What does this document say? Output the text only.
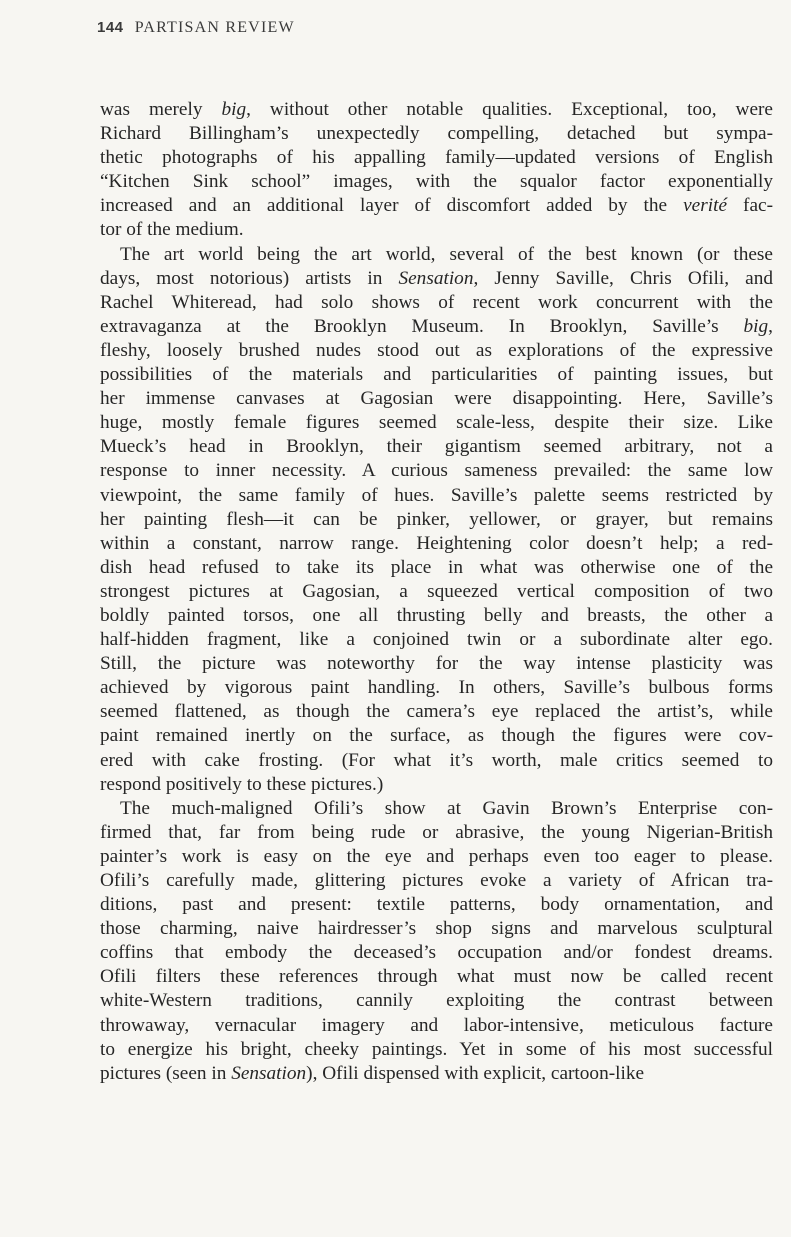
144 PARTISAN REVIEW
was merely big, without other notable qualities. Exceptional, too, were
Richard Billingham’s unexpectedly compelling, detached but sympa-
thetic photographs of his appalling family—updated versions of English
“Kitchen Sink school” images, with the squalor factor exponentially
increased and an additional layer of discomfort added by the verité fac-
tor of the medium.
The art world being the art world, several of the best known (or these
days, most notorious) artists in Sensation, Jenny Saville, Chris Ofili, and
Rachel Whiteread, had solo shows of recent work concurrent with the
extravaganza at the Brooklyn Museum. In Brooklyn, Saville’s big,
fleshy, loosely brushed nudes stood out as explorations of the expressive
possibilities of the materials and particularities of painting issues, but
her immense canvases at Gagosian were disappointing. Here, Saville’s
huge, mostly female figures seemed scale-less, despite their size. Like
Mueck’s head in Brooklyn, their gigantism seemed arbitrary, not a
response to inner necessity. A curious sameness prevailed: the same low
viewpoint, the same family of hues. Saville’s palette seems restricted by
her painting flesh—it can be pinker, yellower, or grayer, but remains
within a constant, narrow range. Heightening color doesn’t help; a red-
dish head refused to take its place in what was otherwise one of the
strongest pictures at Gagosian, a squeezed vertical composition of two
boldly painted torsos, one all thrusting belly and breasts, the other a
half-hidden fragment, like a conjoined twin or a subordinate alter ego.
Still, the picture was noteworthy for the way intense plasticity was
achieved by vigorous paint handling. In others, Saville’s bulbous forms
seemed flattened, as though the camera’s eye replaced the artist’s, while
paint remained inertly on the surface, as though the figures were cov-
ered with cake frosting. (For what it’s worth, male critics seemed to
respond positively to these pictures.)
The much-maligned Ofili’s show at Gavin Brown’s Enterprise con-
firmed that, far from being rude or abrasive, the young Nigerian-British
painter’s work is easy on the eye and perhaps even too eager to please.
Ofili’s carefully made, glittering pictures evoke a variety of African tra-
ditions, past and present: textile patterns, body ornamentation, and
those charming, naive hairdresser’s shop signs and marvelous sculptural
coffins that embody the deceased’s occupation and/or fondest dreams.
Ofili filters these references through what must now be called recent
white-Western traditions, cannily exploiting the contrast between
throwaway, vernacular imagery and labor-intensive, meticulous facture
to energize his bright, cheeky paintings. Yet in some of his most successful
pictures (seen in Sensation), Ofili dispensed with explicit, cartoon-like
